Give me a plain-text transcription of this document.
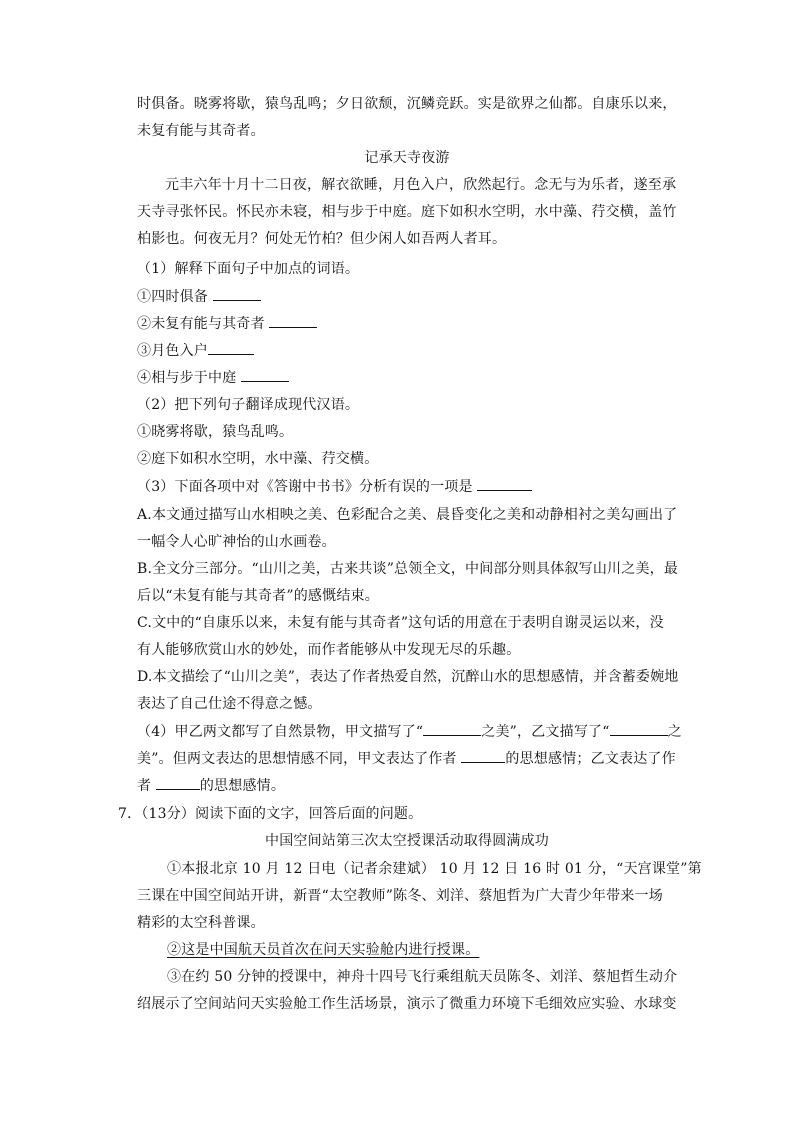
时俱备。晓雾将歇，猿鸟乱鸣；夕日欲颓，沉鳞竞跃。实是欲界之仙都。自康乐以来，
未复有能与其奇者。
记承天寺夜游
元丰六年十月十二日夜，解衣欲睡，月色入户，欣然起行。念无与为乐者，遂至承
天寺寻张怀民。怀民亦未寝，相与步于中庭。庭下如积水空明，水中藻、荇交横，盖竹
柏影也。何夜无月？何处无竹柏？但少闲人如吾两人者耳。
（1）解释下面句子中加点的词语。
①四时俱备
②未复有能与其奇者
③月色入户
④相与步于中庭
（2）把下列句子翻译成现代汉语。
①晓雾将歇，猿鸟乱鸣。
②庭下如积水空明，水中藻、荇交横。
（3）下面各项中对《答谢中书书》分析有误的一项是
A.本文通过描写山水相映之美、色彩配合之美、晨昏变化之美和动静相衬之美勾画出了
一幅令人心旷神怡的山水画卷。
B.全文分三部分。“山川之美，古来共谈”总领全文，中间部分则具体叙写山川之美，最
后以“未复有能与其奇者”的感慨结束。
C.文中的“自康乐以来，未复有能与其奇者”这句话的用意在于表明自谢灵运以来，没
有人能够欣赏山水的妙处，而作者能够从中发现无尽的乐趣。
D.本文描绘了“山川之美”，表达了作者热爱自然，沉醉山水的思想感情，并含蓄委婉地
表达了自己仕途不得意之憾。
（4）甲乙两文都写了自然景物，甲文描写了“	之美”，乙文描写了“	之
美”。但两文表达的思想情感不同，甲文表达了作者	的思想感情；乙文表达了作
者	的思想感情。
7．（13分）阅读下面的文字，回答后面的问题。
中国空间站第三次太空授课活动取得圆满成功
①本报北京 10 月 12 日电（记者余建斌） 10 月 12 日 16 时 01 分，“天宫课堂”第
三课在中国空间站开讲，新晋“太空教师”陈冬、刘洋、蔡旭哲为广大青少年带来一场
精彩的太空科普课。
②这是中国航天员首次在问天实验舱内进行授课。
③在约 50 分钟的授课中，神舟十四号飞行乘组航天员陈冬、刘洋、蔡旭哲生动介
绍展示了空间站问天实验舱工作生活场景，演示了微重力环境下毛细效应实验、水球变
